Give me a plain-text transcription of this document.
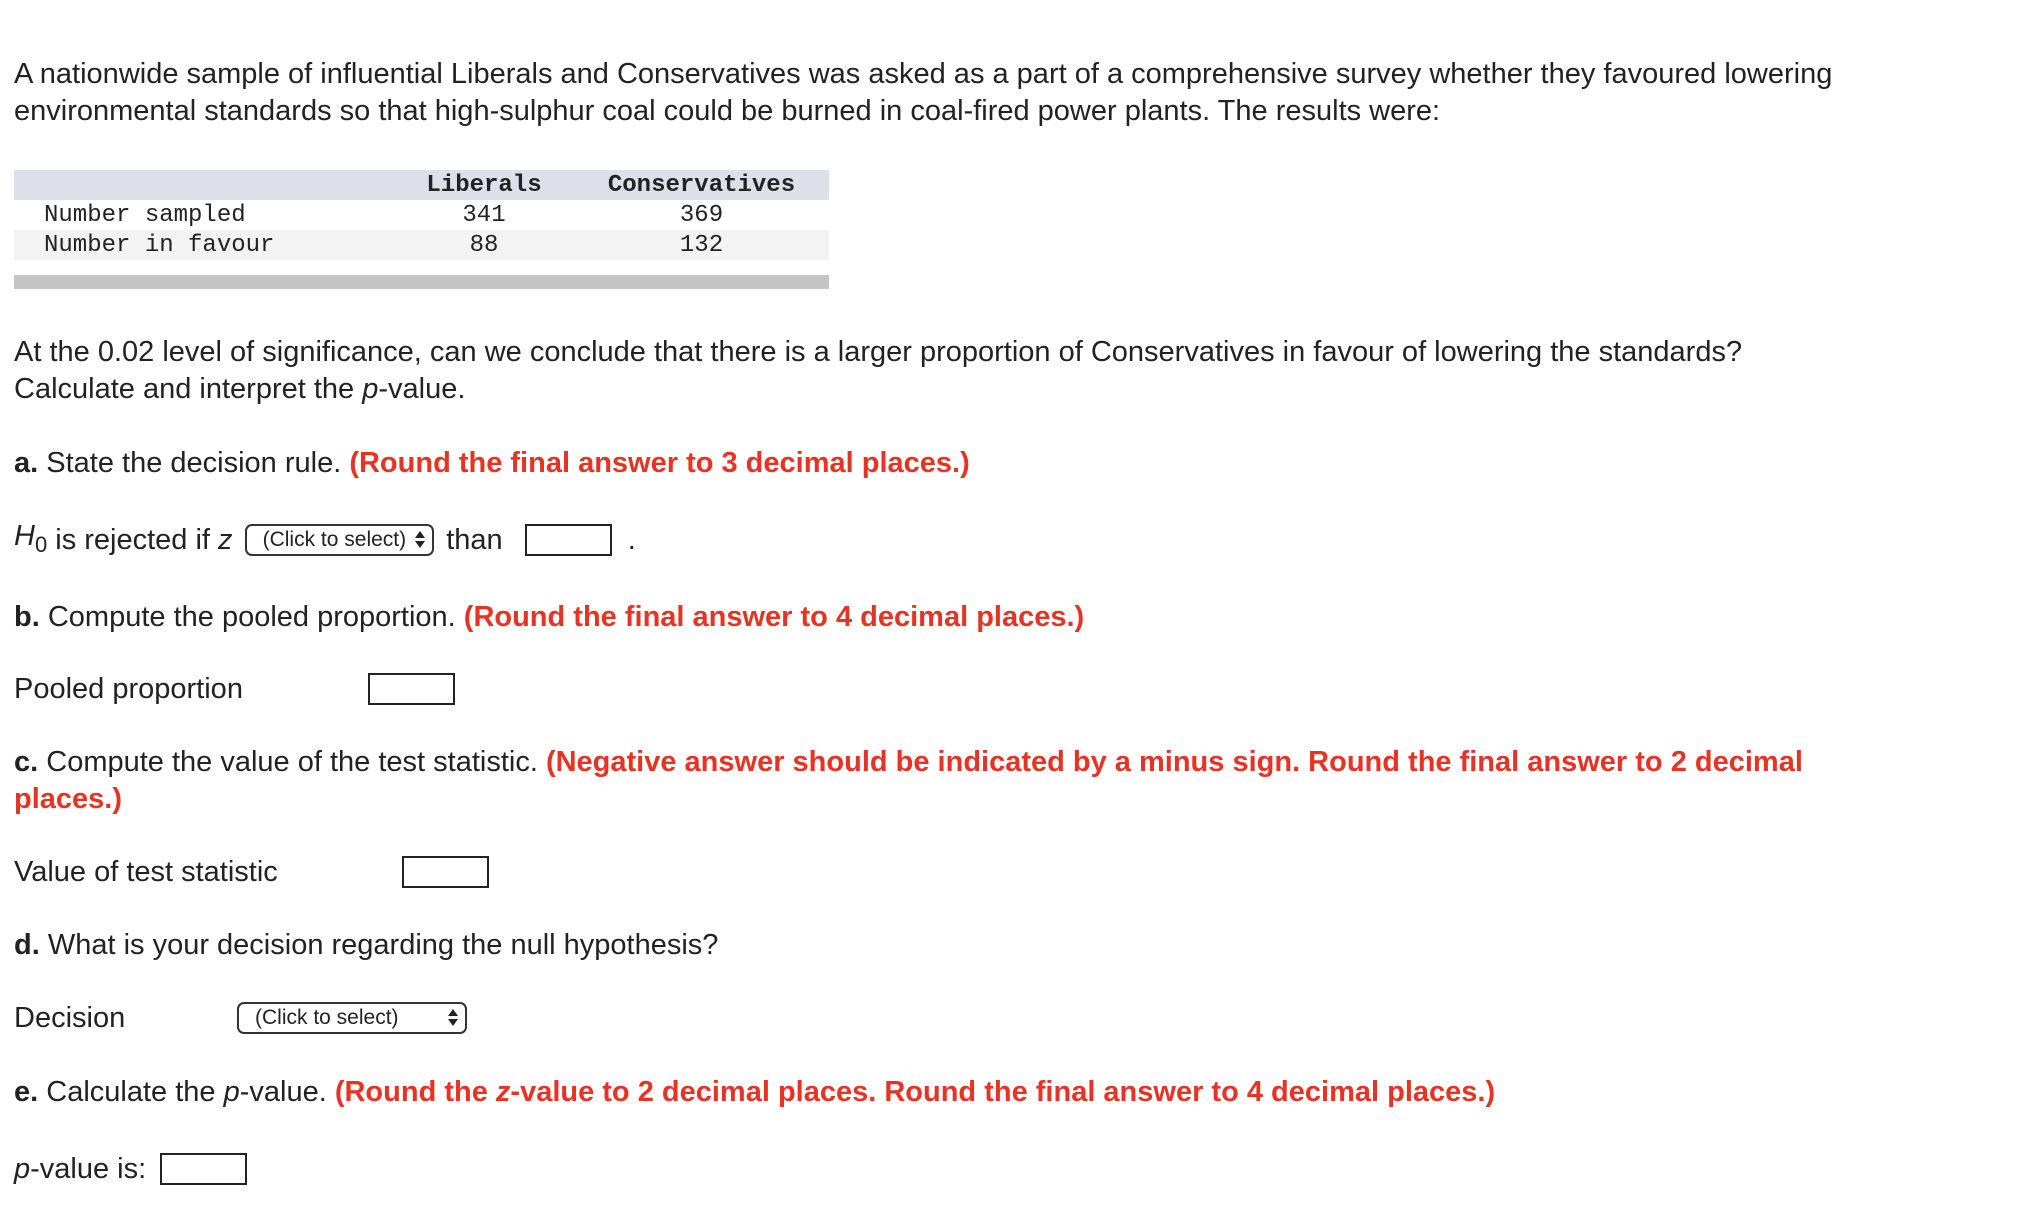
A nationwide sample of influential Liberals and Conservatives was asked as a part of a comprehensive survey whether they favoured lowering environmental standards so that high-sulphur coal could be burned in coal-fired power plants. The results were:

	Liberals	Conservatives
Number sampled	341	369
Number in favour	88	132

At the 0.02 level of significance, can we conclude that there is a larger proportion of Conservatives in favour of lowering the standards? Calculate and interpret the p-value.

a. State the decision rule. (Round the final answer to 3 decimal places.)

$H_0$ is rejected if z (Click to select) than	.

b. Compute the pooled proportion. (Round the final answer to 4 decimal places.)

Pooled proportion

c. Compute the value of the test statistic. (Negative answer should be indicated by a minus sign. Round the final answer to 2 decimal places.)

Value of test statistic

d. What is your decision regarding the null hypothesis?

Decision	(Click to select)

e. Calculate the p-value. (Round the z-value to 2 decimal places. Round the final answer to 4 decimal places.)

p-value is:
